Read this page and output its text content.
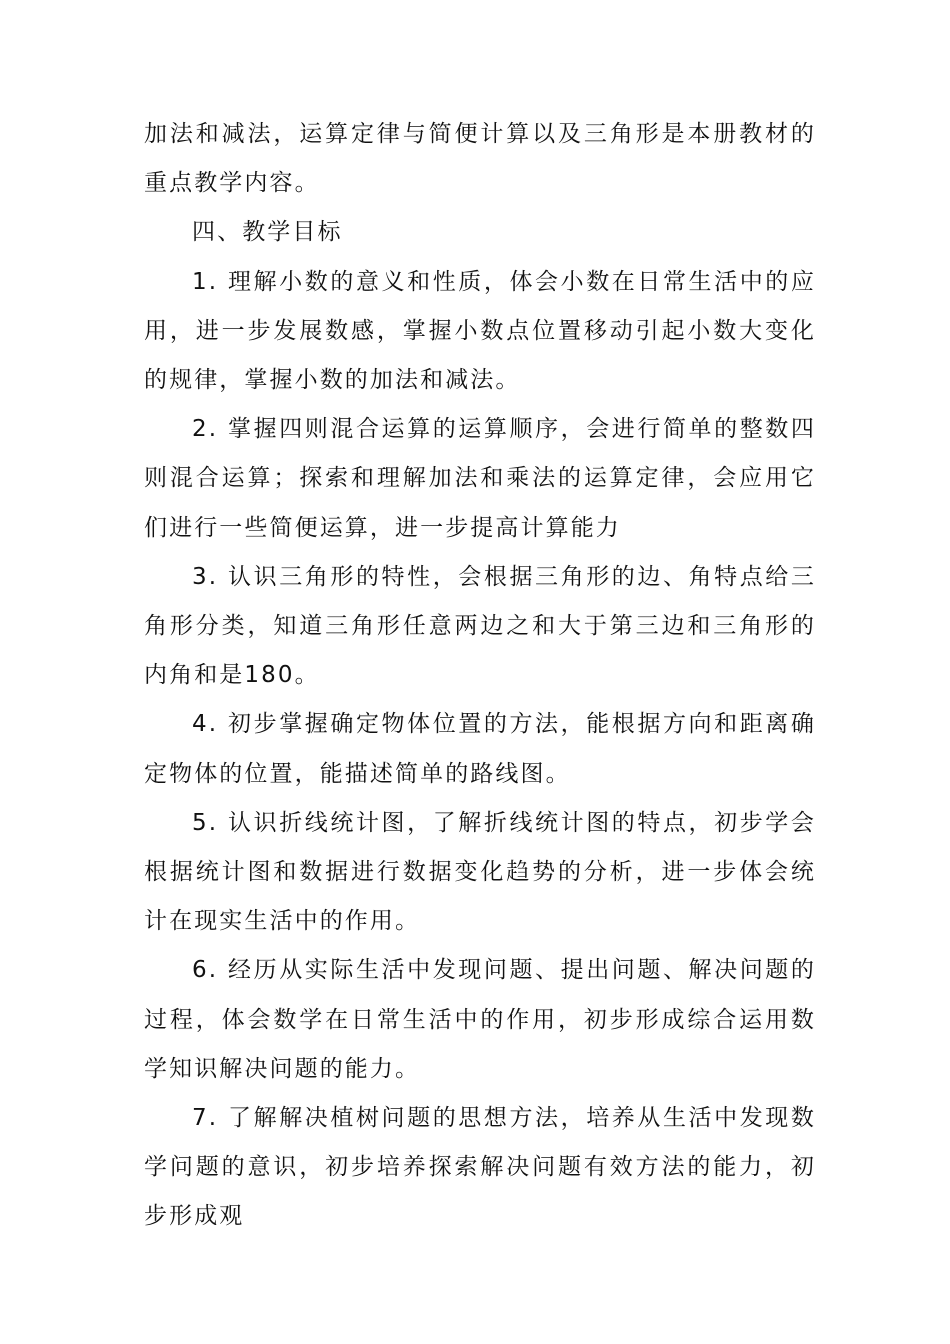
加法和减法，运算定律与简便计算以及三角形是本册教材的重点教学内容。

四、教学目标

1. 理解小数的意义和性质，体会小数在日常生活中的应用，进一步发展数感，掌握小数点位置移动引起小数大变化的规律，掌握小数的加法和减法。

2. 掌握四则混合运算的运算顺序，会进行简单的整数四则混合运算；探索和理解加法和乘法的运算定律，会应用它们进行一些简便运算，进一步提高计算能力

3. 认识三角形的特性，会根据三角形的边、角特点给三角形分类，知道三角形任意两边之和大于第三边和三角形的内角和是180。

4. 初步掌握确定物体位置的方法，能根据方向和距离确定物体的位置，能描述简单的路线图。

5. 认识折线统计图，了解折线统计图的特点，初步学会根据统计图和数据进行数据变化趋势的分析，进一步体会统计在现实生活中的作用。

6. 经历从实际生活中发现问题、提出问题、解决问题的过程，体会数学在日常生活中的作用，初步形成综合运用数学知识解决问题的能力。

7. 了解解决植树问题的思想方法，培养从生活中发现数学问题的意识，初步培养探索解决问题有效方法的能力，初步形成观
